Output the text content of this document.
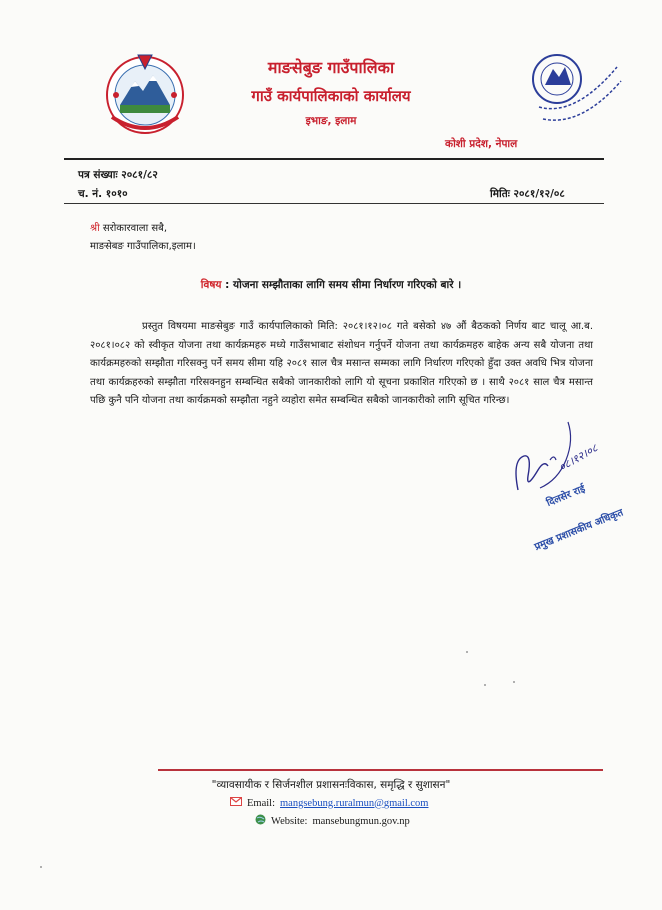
माङसेबुङ गाउँपालिका
गाउँ कार्यपालिकाको कार्यालय
इभाङ, इलाम
कोशी प्रदेश, नेपाल
पत्र संख्याः २०८१/८२
च. नं. १०१०	मितिः २०८१/१२/०८
श्री सरोकारवाला सबै,
माङसेबङ गाउँपालिका,इलाम।
विषय : योजना सम्झौताका लागि समय सीमा निर्धारण गरिएको बारे ।
प्रस्तुत विषयमा माङसेबुङ गाउँ कार्यपालिकाको मिति: २०८१।१२।०८ गते बसेको ४७ औं बैठकको निर्णय बाट चालू आ.ब. २०८१।०८२ को स्वीकृत योजना तथा कार्यक्रमहरु मध्ये गाउँसभाबाट संशोधन गर्नुपर्ने योजना तथा कार्यक्रमहरु बाहेक अन्य सबै योजना तथा कार्यक्रमहरुको सम्झौता गरिसक्नु पर्ने समय सीमा यहि २०८१ साल चैत्र मसान्त सम्मका लागि निर्धारण गरिएको हुँदा उक्त अवधि भित्र योजना तथा कार्यक्रहरुको सम्झौता गरिसक्नहुन सम्बन्धित सबैको जानकारीको लागि यो सूचना प्रकाशित गरिएको छ । साथै २०८१ साल चैत्र मसान्त पछि कुनै पनि योजना तथा कार्यक्रमको सम्झौता नहुने व्यहोरा समेत सम्बन्धित सबैको जानकारीको लागि सूचित गरिन्छ।
०८।१२।०८
दिलसेर राई
प्रमुख प्रशासकीय अधिकृत
"व्यावसायीक र सिर्जनशील प्रशासनःविकास, समृद्धि र सुशासन"
Email: mangsebung.ruralmun@gmail.com
Website: mansebungmun.gov.np
